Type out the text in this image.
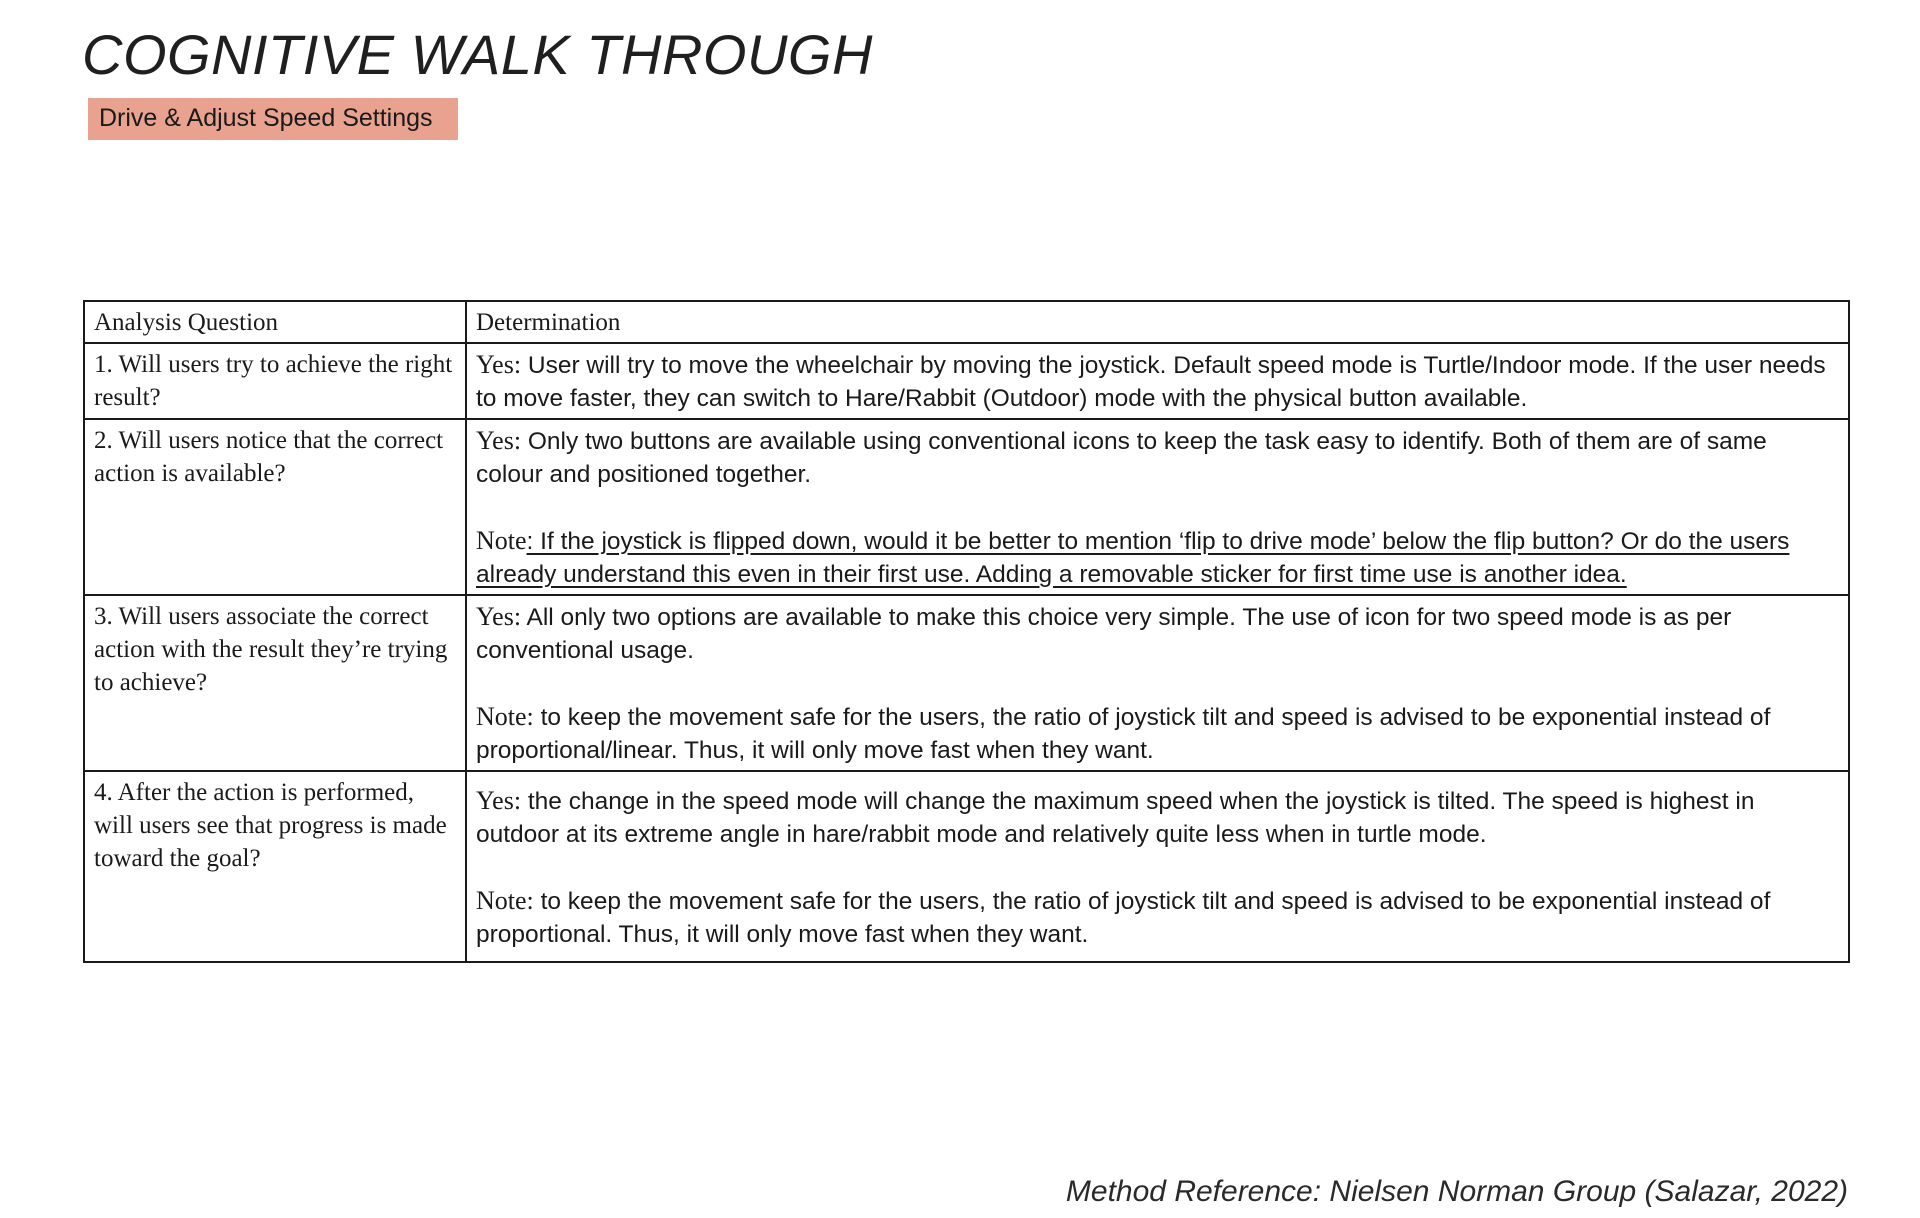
COGNITIVE WALK THROUGH
Drive & Adjust Speed Settings
Analysis Question	Determination
1. Will users try to achieve the right result?	Yes: User will try to move the wheelchair by moving the joystick. Default speed mode is Turtle/Indoor mode. If the user needs to move faster, they can switch to Hare/Rabbit (Outdoor) mode with the physical button available.
2. Will users notice that the correct action is available?	Yes: Only two buttons are available using conventional icons to keep the task easy to identify. Both of them are of same colour and positioned together.
Note: If the joystick is flipped down, would it be better to mention ‘flip to drive mode’ below the flip button? Or do the users already understand this even in their first use. Adding a removable sticker for first time use is another idea.

3. Will users associate the correct action with the result they’re trying to achieve?	Yes: All only two options are available to make this choice very simple. The use of icon for two speed mode is as per conventional usage.
Note: to keep the movement safe for the users, the ratio of joystick tilt and speed is advised to be exponential instead of proportional/linear. Thus, it will only move fast when they want.

4. After the action is performed, will users see that progress is made toward the goal?	Yes: the change in the speed mode will change the maximum speed when the joystick is tilted. The speed is highest in outdoor at its extreme angle in hare/rabbit mode and relatively quite less when in turtle mode.
Note: to keep the movement safe for the users, the ratio of joystick tilt and speed is advised to be exponential instead of proportional. Thus, it will only move fast when they want.
Method Reference: Nielsen Norman Group (Salazar, 2022)
